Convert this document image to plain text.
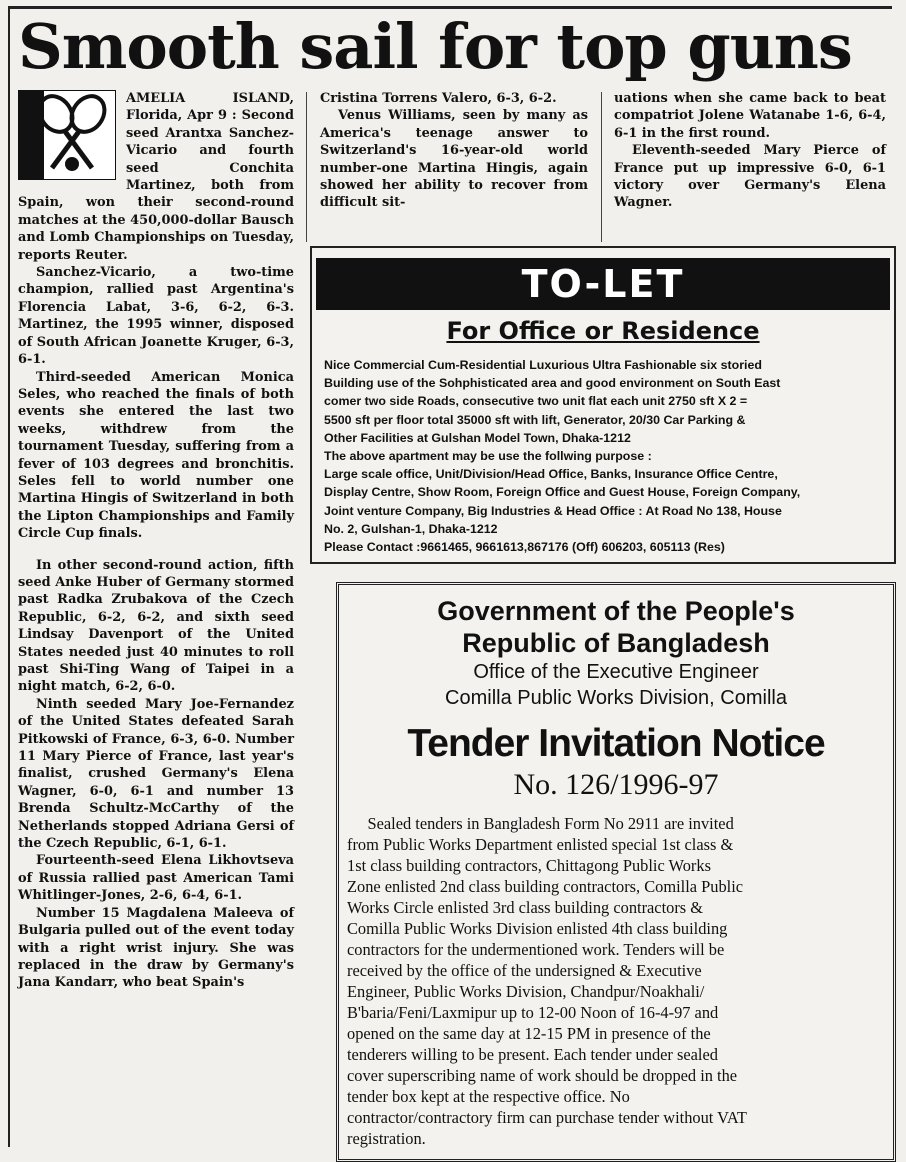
Smooth sail for top guns

AMELIA ISLAND, Florida, Apr 9 : Second seed Arantxa Sanchez-Vicario and fourth seed Conchita Martinez, both from Spain, won their second-round matches at the 450,000-dollar Bausch and Lomb Championships on Tuesday, reports Reuter.

Sanchez-Vicario, a two-time champion, rallied past Argentina's Florencia Labat, 3-6, 6-2, 6-3. Martinez, the 1995 winner, disposed of South African Joanette Kruger, 6-3, 6-1.

Third-seeded American Monica Seles, who reached the finals of both events she entered the last two weeks, withdrew from the tournament Tuesday, suffering from a fever of 103 degrees and bronchitis. Seles fell to world number one Martina Hingis of Switzerland in both the Lipton Championships and Family Circle Cup finals.

In other second-round action, fifth seed Anke Huber of Germany stormed past Radka Zrubakova of the Czech Republic, 6-2, 6-2, and sixth seed Lindsay Davenport of the United States needed just 40 minutes to roll past Shi-Ting Wang of Taipei in a night match, 6-2, 6-0.

Ninth seeded Mary Joe-Fernandez of the United States defeated Sarah Pitkowski of France, 6-3, 6-0. Number 11 Mary Pierce of France, last year's finalist, crushed Germany's Elena Wagner, 6-0, 6-1 and number 13 Brenda Schultz-McCarthy of the Netherlands stopped Adriana Gersi of the Czech Republic, 6-1, 6-1.

Fourteenth-seed Elena Likhovtseva of Russia rallied past American Tami Whitlinger-Jones, 2-6, 6-4, 6-1.

Number 15 Magdalena Maleeva of Bulgaria pulled out of the event today with a right wrist injury. She was replaced in the draw by Germany's Jana Kandarr, who beat Spain's

Cristina Torrens Valero, 6-3, 6-2.

Venus Williams, seen by many as America's teenage answer to Switzerland's 16-year-old world number-one Martina Hingis, again showed her ability to recover from difficult sit-

uations when she came back to beat compatriot Jolene Watanabe 1-6, 6-4, 6-1 in the first round.

Eleventh-seeded Mary Pierce of France put up impressive 6-0, 6-1 victory over Germany's Elena Wagner.

TO-LET
For Office or Residence
Nice Commercial Cum-Residential Luxurious Ultra Fashionable six storied
Building use of the Sohphisticated area and good environment on South East
comer two side Roads, consecutive two unit flat each unit 2750 sft X 2 =
5500 sft per floor total 35000 sft with lift, Generator, 20/30 Car Parking &
Other Facilities at Gulshan Model Town, Dhaka-1212
The above apartment may be use the follwing purpose :
Large scale office, Unit/Division/Head Office, Banks, Insurance Office Centre,
Display Centre, Show Room, Foreign Office and Guest House, Foreign Company,
Joint venture Company, Big Industries & Head Office : At Road No 138, House
No. 2, Gulshan-1, Dhaka-1212
Please Contact :9661465, 9661613,867176 (Off) 606203, 605113 (Res)
Government of the People's
Republic of Bangladesh
Office of the Executive Engineer
Comilla Public Works Division, Comilla
Tender Invitation Notice
No. 126/1996-97
Sealed tenders in Bangladesh Form No 2911 are invited
from Public Works Department enlisted special 1st class &
1st class building contractors, Chittagong Public Works
Zone enlisted 2nd class building contractors, Comilla Public
Works Circle enlisted 3rd class building contractors &
Comilla Public Works Division enlisted 4th class building
contractors for the undermentioned work. Tenders will be
received by the office of the undersigned & Executive
Engineer, Public Works Division, Chandpur/Noakhali/
B'baria/Feni/Laxmipur up to 12-00 Noon of 16-4-97 and
opened on the same day at 12-15 PM in presence of the
tenderers willing to be present. Each tender under sealed
cover superscribing name of work should be dropped in the
tender box kept at the respective office. No
contractor/contractory firm can purchase tender without VAT
registration.
